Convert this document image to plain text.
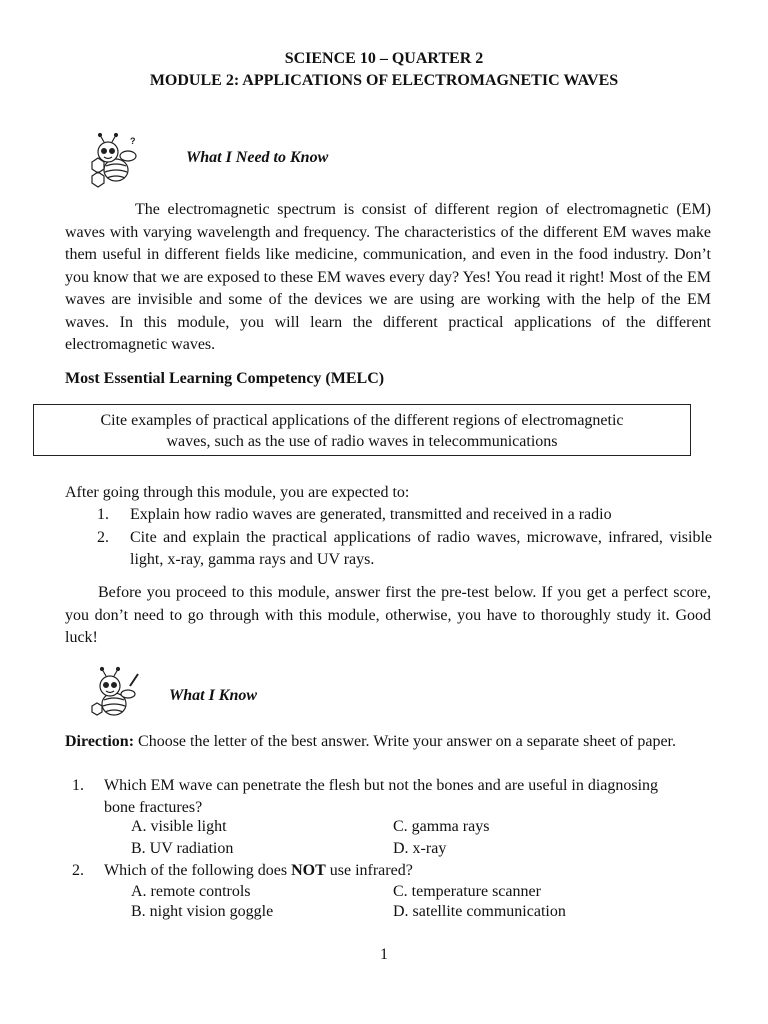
SCIENCE 10 – QUARTER 2
MODULE 2: APPLICATIONS OF ELECTROMAGNETIC WAVES
?
What I Need to Know
The electromagnetic spectrum is consist of different region of electromagnetic (EM) waves with varying wavelength and frequency. The characteristics of the different EM waves make them useful in different fields like medicine, communication, and even in the food industry. Don’t you know that we are exposed to these EM waves every day? Yes! You read it right! Most of the EM waves are invisible and some of the devices we are using are working with the help of the EM waves. In this module, you will learn the different practical applications of the different electromagnetic waves.
Most Essential Learning Competency (MELC)
Cite examples of practical applications of the different regions of electromagnetic
waves, such as the use of radio waves in telecommunications
After going through this module, you are expected to:
1. Explain how radio waves are generated, transmitted and received in a radio
2. Cite and explain the practical applications of radio waves, microwave, infrared, visible light, x-ray, gamma rays and UV rays.
Before you proceed to this module, answer first the pre-test below. If you get a perfect score, you don’t need to go through with this module, otherwise, you have to thoroughly study it. Good luck!
What I Know
Direction: Choose the letter of the best answer. Write your answer on a separate sheet of paper.
1. Which EM wave can penetrate the flesh but not the bones and are useful in diagnosing bone fractures?
A. visible light	C. gamma rays
B. UV radiation	D. x-ray
2. Which of the following does NOT use infrared?
A. remote controls	C. temperature scanner
B. night vision goggle	D. satellite communication
1
